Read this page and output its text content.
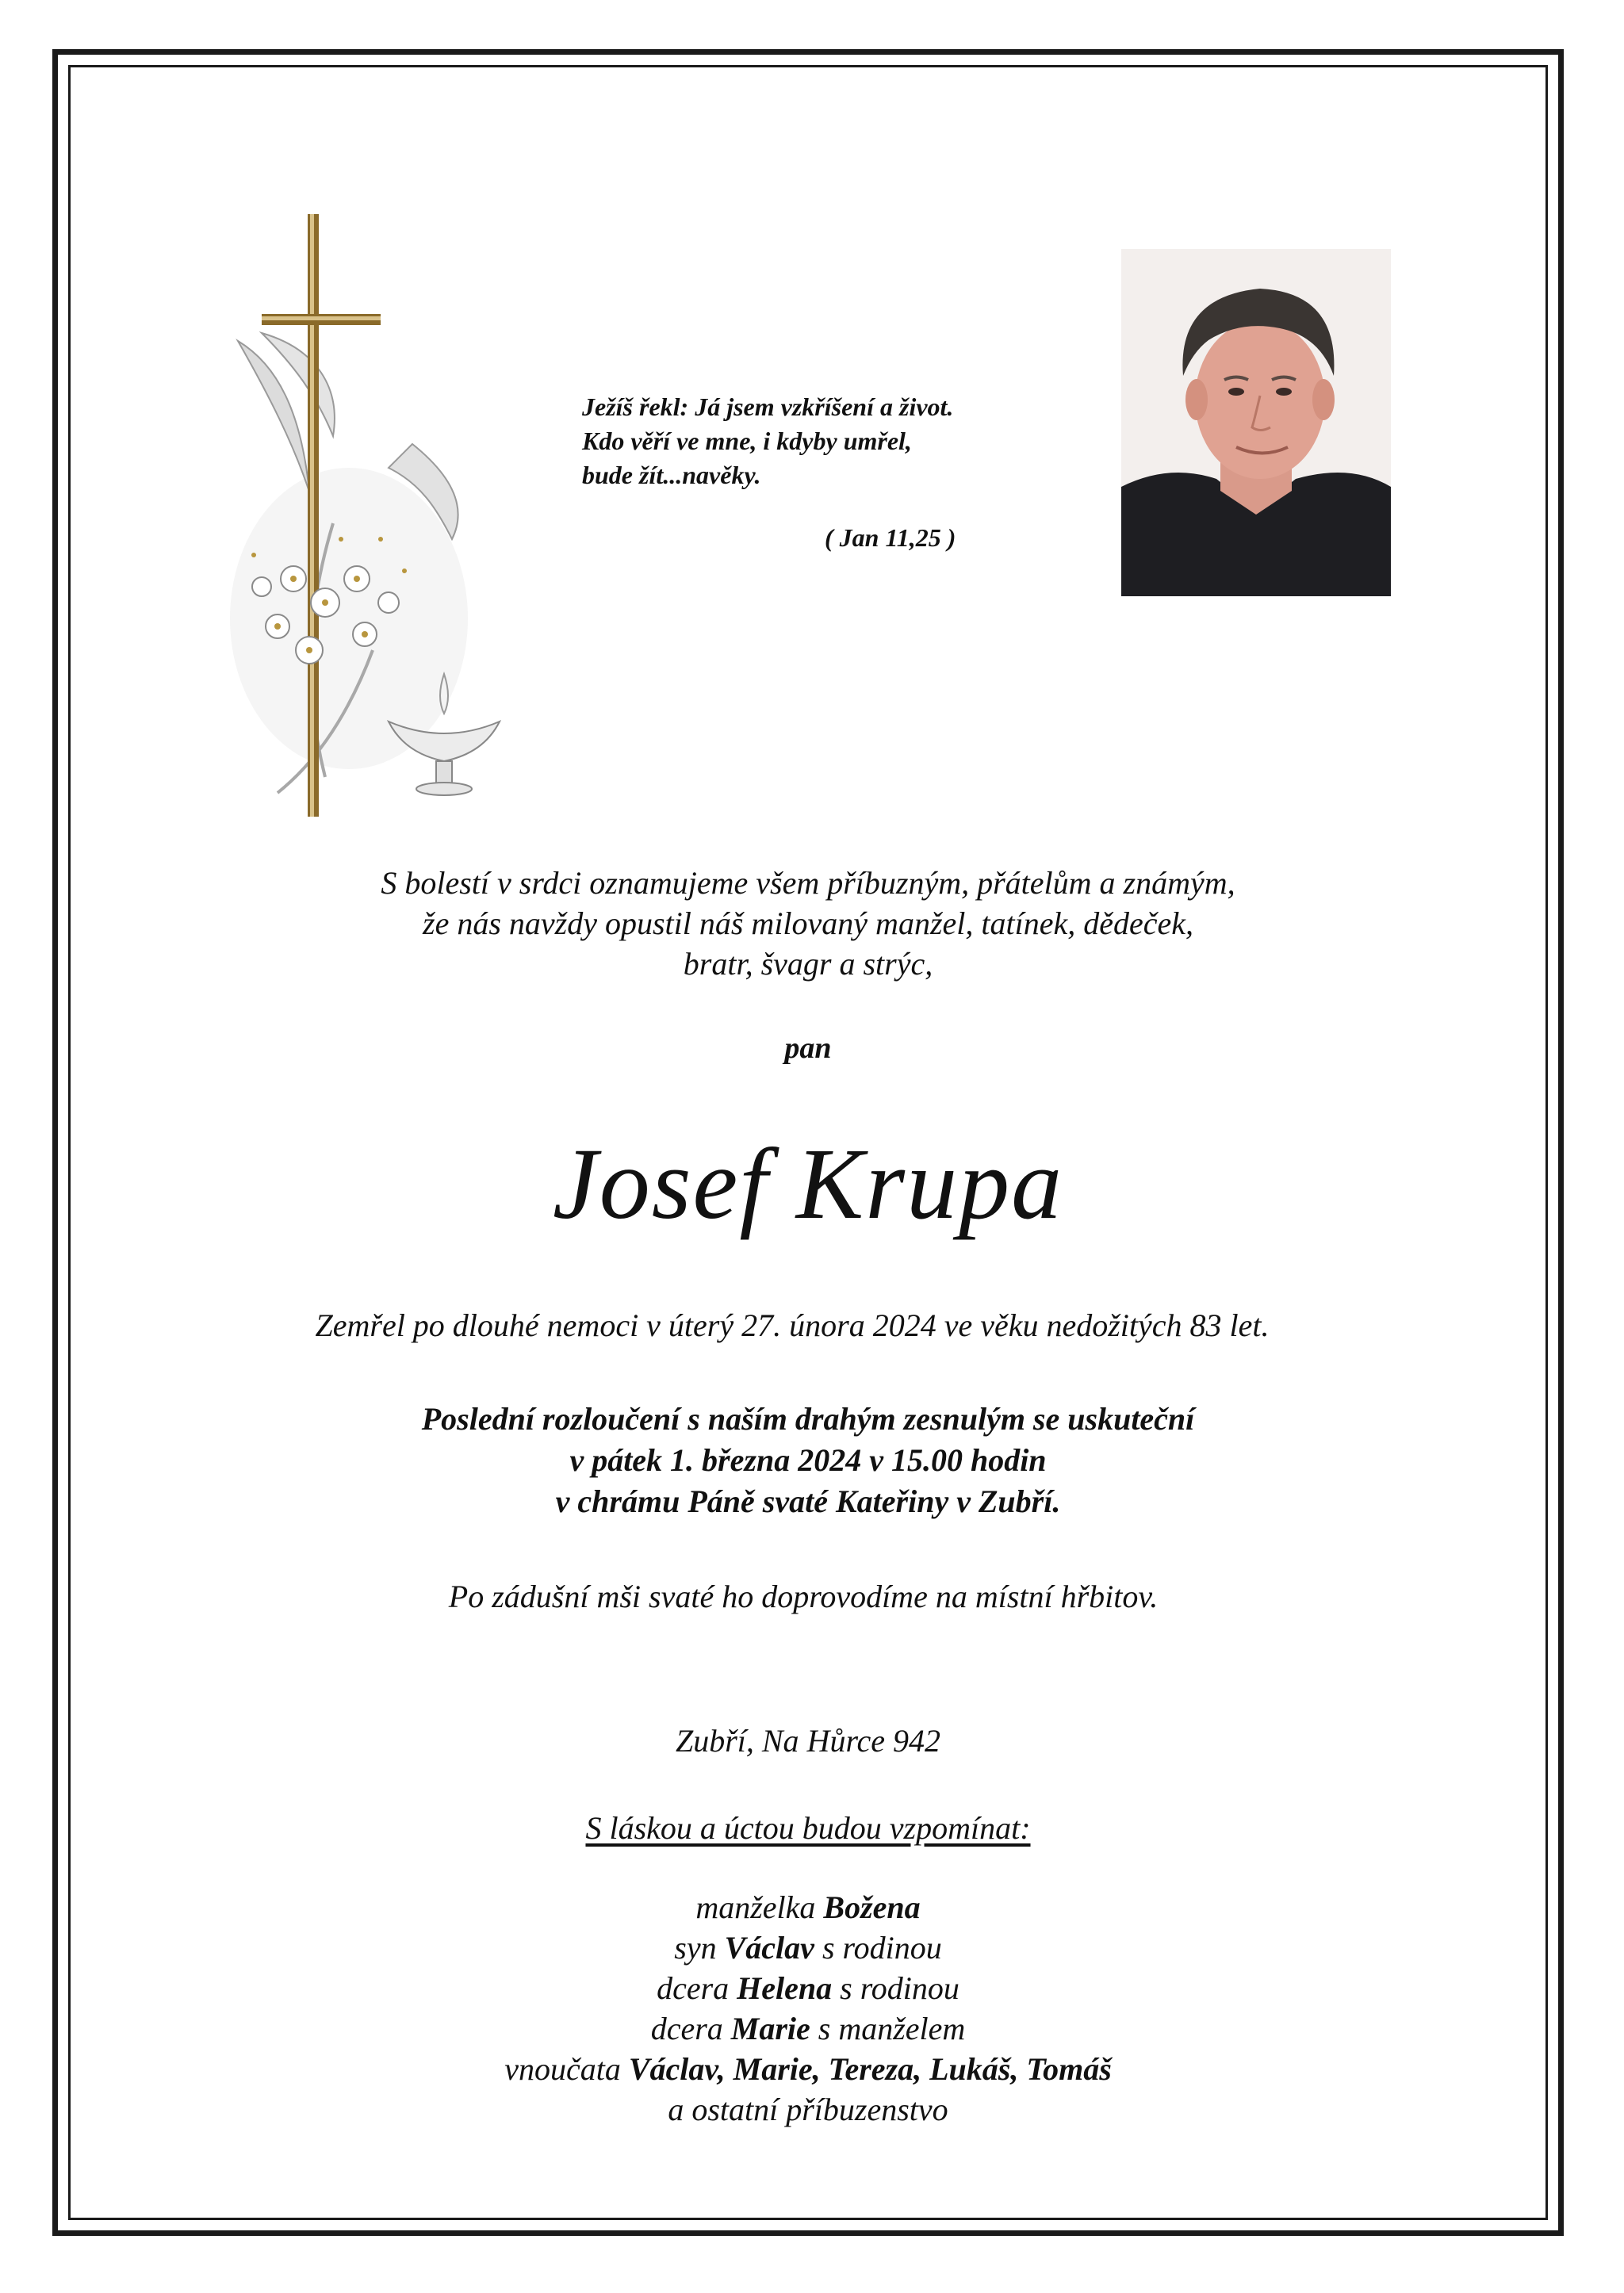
Ježíš řekl: Já jsem vzkříšení a život.
Kdo věří ve mne, i kdyby umřel,
bude žít...navěky.
( Jan 11,25 )
S bolestí v srdci oznamujeme všem příbuzným, přátelům a známým,
že nás navždy opustil náš milovaný manžel, tatínek, dědeček,
bratr, švagr a strýc,
pan
Josef Krupa
Zemřel po dlouhé nemoci v úterý 27. února 2024 ve věku nedožitých 83 let.
Poslední rozloučení s naším drahým zesnulým se uskuteční
v pátek 1. března 2024 v 15.00 hodin
v chrámu Páně svaté Kateřiny v Zubří.
Po zádušní mši svaté ho doprovodíme na místní hřbitov.
Zubří, Na Hůrce 942
S láskou a úctou budou vzpomínat:
manželka Božena
syn Václav s rodinou
dcera Helena s rodinou
dcera Marie s manželem
vnoučata Václav, Marie, Tereza, Lukáš, Tomáš
a ostatní příbuzenstvo
